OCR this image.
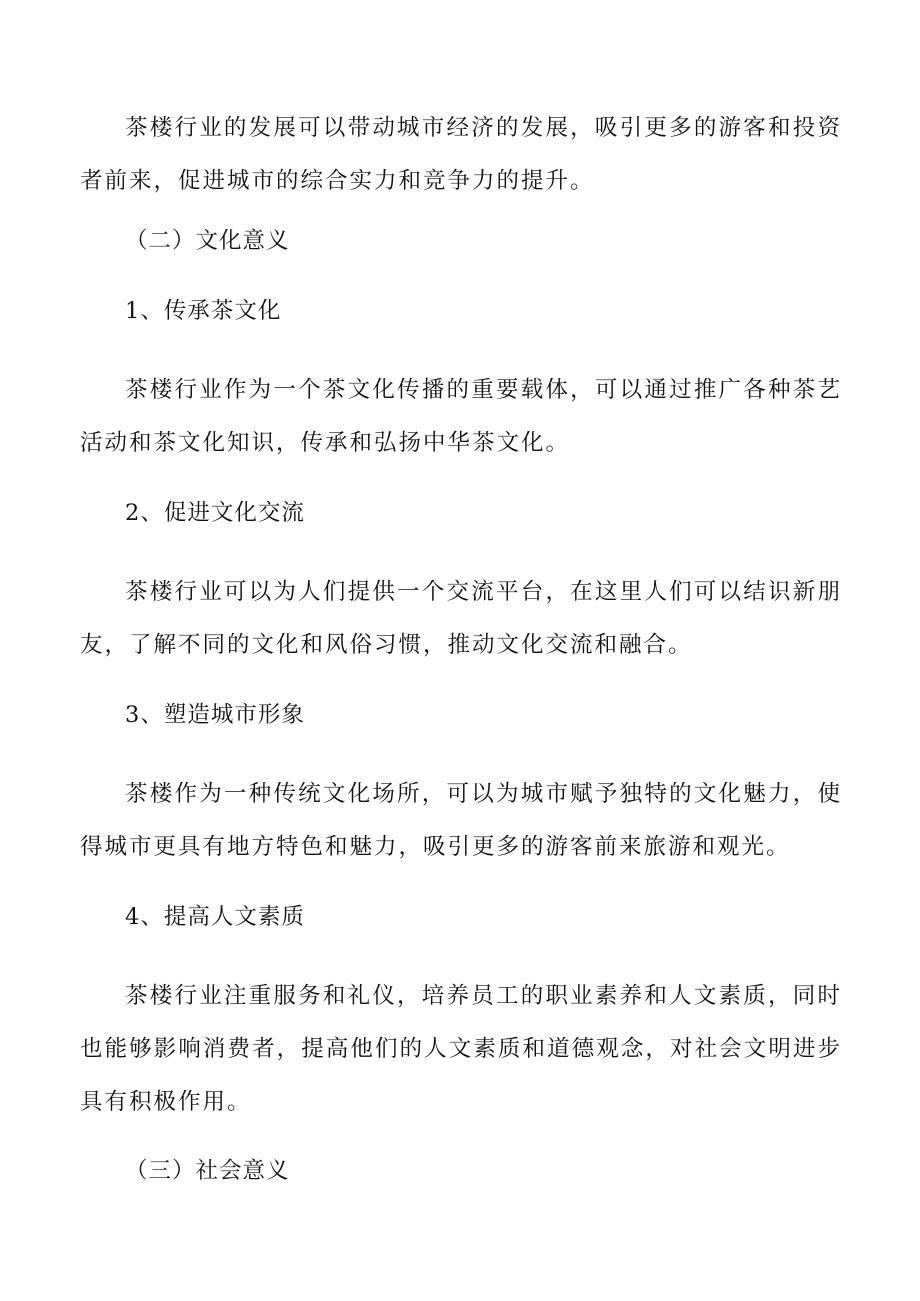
茶楼行业的发展可以带动城市经济的发展，吸引更多的游客和投资者前来，促进城市的综合实力和竞争力的提升。

（二）文化意义

1、传承茶文化

茶楼行业作为一个茶文化传播的重要载体，可以通过推广各种茶艺活动和茶文化知识，传承和弘扬中华茶文化。

2、促进文化交流

茶楼行业可以为人们提供一个交流平台，在这里人们可以结识新朋友，了解不同的文化和风俗习惯，推动文化交流和融合。

3、塑造城市形象

茶楼作为一种传统文化场所，可以为城市赋予独特的文化魅力，使得城市更具有地方特色和魅力，吸引更多的游客前来旅游和观光。

4、提高人文素质

茶楼行业注重服务和礼仪，培养员工的职业素养和人文素质，同时也能够影响消费者，提高他们的人文素质和道德观念，对社会文明进步具有积极作用。

（三）社会意义
